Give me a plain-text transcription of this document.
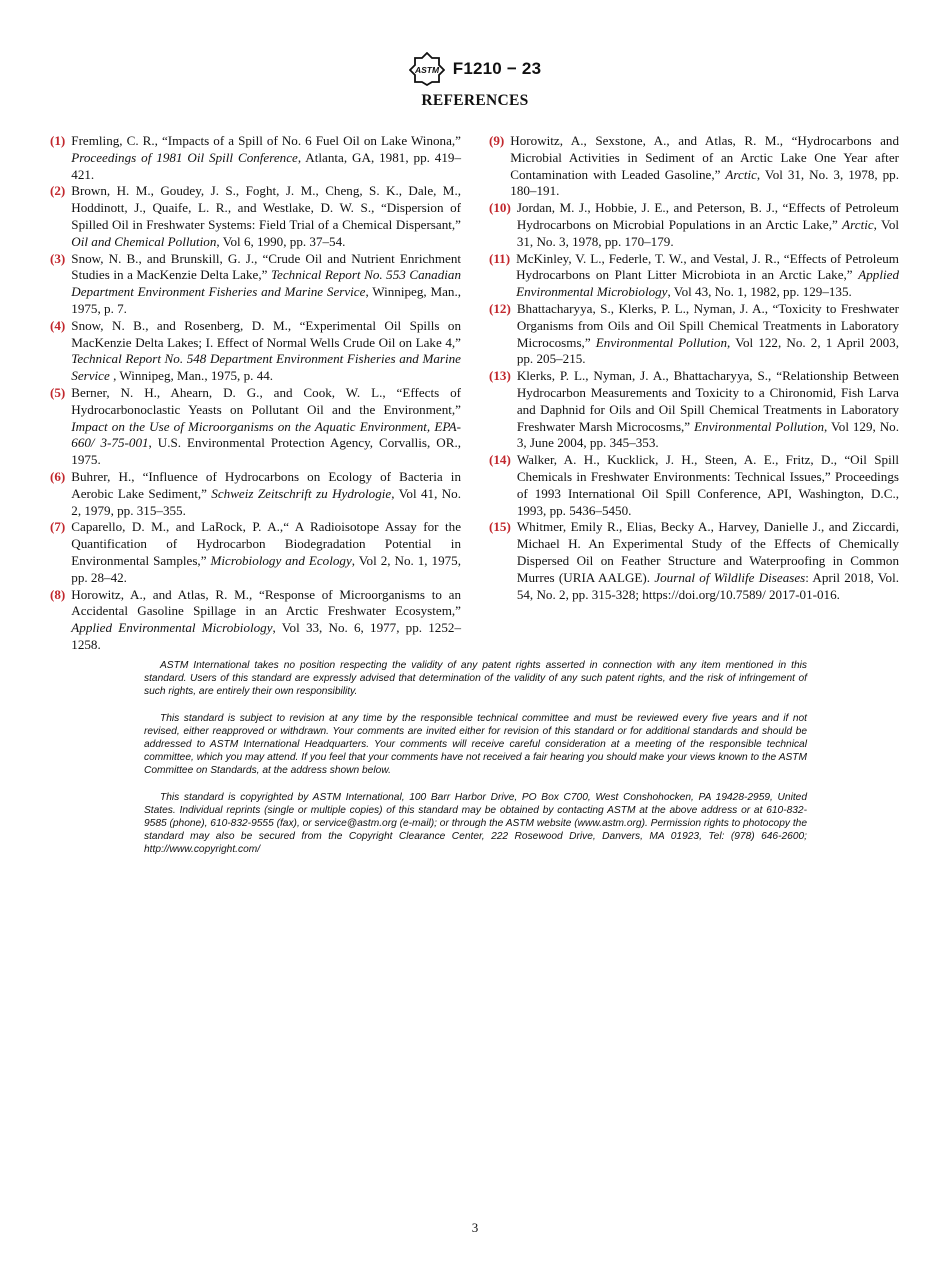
ASTM F1210 − 23
REFERENCES
(1) Fremling, C. R., “Impacts of a Spill of No. 6 Fuel Oil on Lake Winona,” Proceedings of 1981 Oil Spill Conference, Atlanta, GA, 1981, pp. 419–421.
(2) Brown, H. M., Goudey, J. S., Foght, J. M., Cheng, S. K., Dale, M., Hoddinott, J., Quaife, L. R., and Westlake, D. W. S., “Dispersion of Spilled Oil in Freshwater Systems: Field Trial of a Chemical Dispersant,” Oil and Chemical Pollution, Vol 6, 1990, pp. 37–54.
(3) Snow, N. B., and Brunskill, G. J., “Crude Oil and Nutrient Enrichment Studies in a MacKenzie Delta Lake,” Technical Report No. 553 Canadian Department Environment Fisheries and Marine Service, Winnipeg, Man., 1975, p. 7.
(4) Snow, N. B., and Rosenberg, D. M., “Experimental Oil Spills on MacKenzie Delta Lakes; I. Effect of Normal Wells Crude Oil on Lake 4,” Technical Report No. 548 Department Environment Fisheries and Marine Service , Winnipeg, Man., 1975, p. 44.
(5) Berner, N. H., Ahearn, D. G., and Cook, W. L., “Effects of Hydrocarbonoclastic Yeasts on Pollutant Oil and the Environment,” Impact on the Use of Microorganisms on the Aquatic Environment, EPA-660/ 3-75-001, U.S. Environmental Protection Agency, Corvallis, OR., 1975.
(6) Buhrer, H., “Influence of Hydrocarbons on Ecology of Bacteria in Aerobic Lake Sediment,” Schweiz Zeitschrift zu Hydrologie, Vol 41, No. 2, 1979, pp. 315–355.
(7) Caparello, D. M., and LaRock, P. A.,“ A Radioisotope Assay for the Quantification of Hydrocarbon Biodegradation Potential in Environmental Samples,” Microbiology and Ecology, Vol 2, No. 1, 1975, pp. 28–42.
(8) Horowitz, A., and Atlas, R. M., “Response of Microorganisms to an Accidental Gasoline Spillage in an Arctic Freshwater Ecosystem,” Applied Environmental Microbiology, Vol 33, No. 6, 1977, pp. 1252–1258.
(9) Horowitz, A., Sexstone, A., and Atlas, R. M., “Hydrocarbons and Microbial Activities in Sediment of an Arctic Lake One Year after Contamination with Leaded Gasoline,” Arctic, Vol 31, No. 3, 1978, pp. 180–191.
(10) Jordan, M. J., Hobbie, J. E., and Peterson, B. J., “Effects of Petroleum Hydrocarbons on Microbial Populations in an Arctic Lake,” Arctic, Vol 31, No. 3, 1978, pp. 170–179.
(11) McKinley, V. L., Federle, T. W., and Vestal, J. R., “Effects of Petroleum Hydrocarbons on Plant Litter Microbiota in an Arctic Lake,” Applied Environmental Microbiology, Vol 43, No. 1, 1982, pp. 129–135.
(12) Bhattacharyya, S., Klerks, P. L., Nyman, J. A., “Toxicity to Freshwater Organisms from Oils and Oil Spill Chemical Treatments in Laboratory Microcosms,” Environmental Pollution, Vol 122, No. 2, 1 April 2003, pp. 205–215.
(13) Klerks, P. L., Nyman, J. A., Bhattacharyya, S., “Relationship Between Hydrocarbon Measurements and Toxicity to a Chironomid, Fish Larva and Daphnid for Oils and Oil Spill Chemical Treatments in Laboratory Freshwater Marsh Microcosms,” Environmental Pollution, Vol 129, No. 3, June 2004, pp. 345–353.
(14) Walker, A. H., Kucklick, J. H., Steen, A. E., Fritz, D., “Oil Spill Chemicals in Freshwater Environments: Technical Issues,” Proceedings of 1993 International Oil Spill Conference, API, Washington, D.C., 1993, pp. 5436–5450.
(15) Whitmer, Emily R., Elias, Becky A., Harvey, Danielle J., and Ziccardi, Michael H. An Experimental Study of the Effects of Chemically Dispersed Oil on Feather Structure and Waterproofing in Common Murres (URIA AALGE). Journal of Wildlife Diseases: April 2018, Vol. 54, No. 2, pp. 315-328; https://doi.org/10.7589/ 2017-01-016.

ASTM International takes no position respecting the validity of any patent rights asserted in connection with any item mentioned in this standard. Users of this standard are expressly advised that determination of the validity of any such patent rights, and the risk of infringement of such rights, are entirely their own responsibility.

This standard is subject to revision at any time by the responsible technical committee and must be reviewed every five years and if not revised, either reapproved or withdrawn. Your comments are invited either for revision of this standard or for additional standards and should be addressed to ASTM International Headquarters. Your comments will receive careful consideration at a meeting of the responsible technical committee, which you may attend. If you feel that your comments have not received a fair hearing you should make your views known to the ASTM Committee on Standards, at the address shown below.

This standard is copyrighted by ASTM International, 100 Barr Harbor Drive, PO Box C700, West Conshohocken, PA 19428-2959, United States. Individual reprints (single or multiple copies) of this standard may be obtained by contacting ASTM at the above address or at 610-832-9585 (phone), 610-832-9555 (fax), or service@astm.org (e-mail); or through the ASTM website (www.astm.org). Permission rights to photocopy the standard may also be secured from the Copyright Clearance Center, 222 Rosewood Drive, Danvers, MA 01923, Tel: (978) 646-2600; http://www.copyright.com/

3
